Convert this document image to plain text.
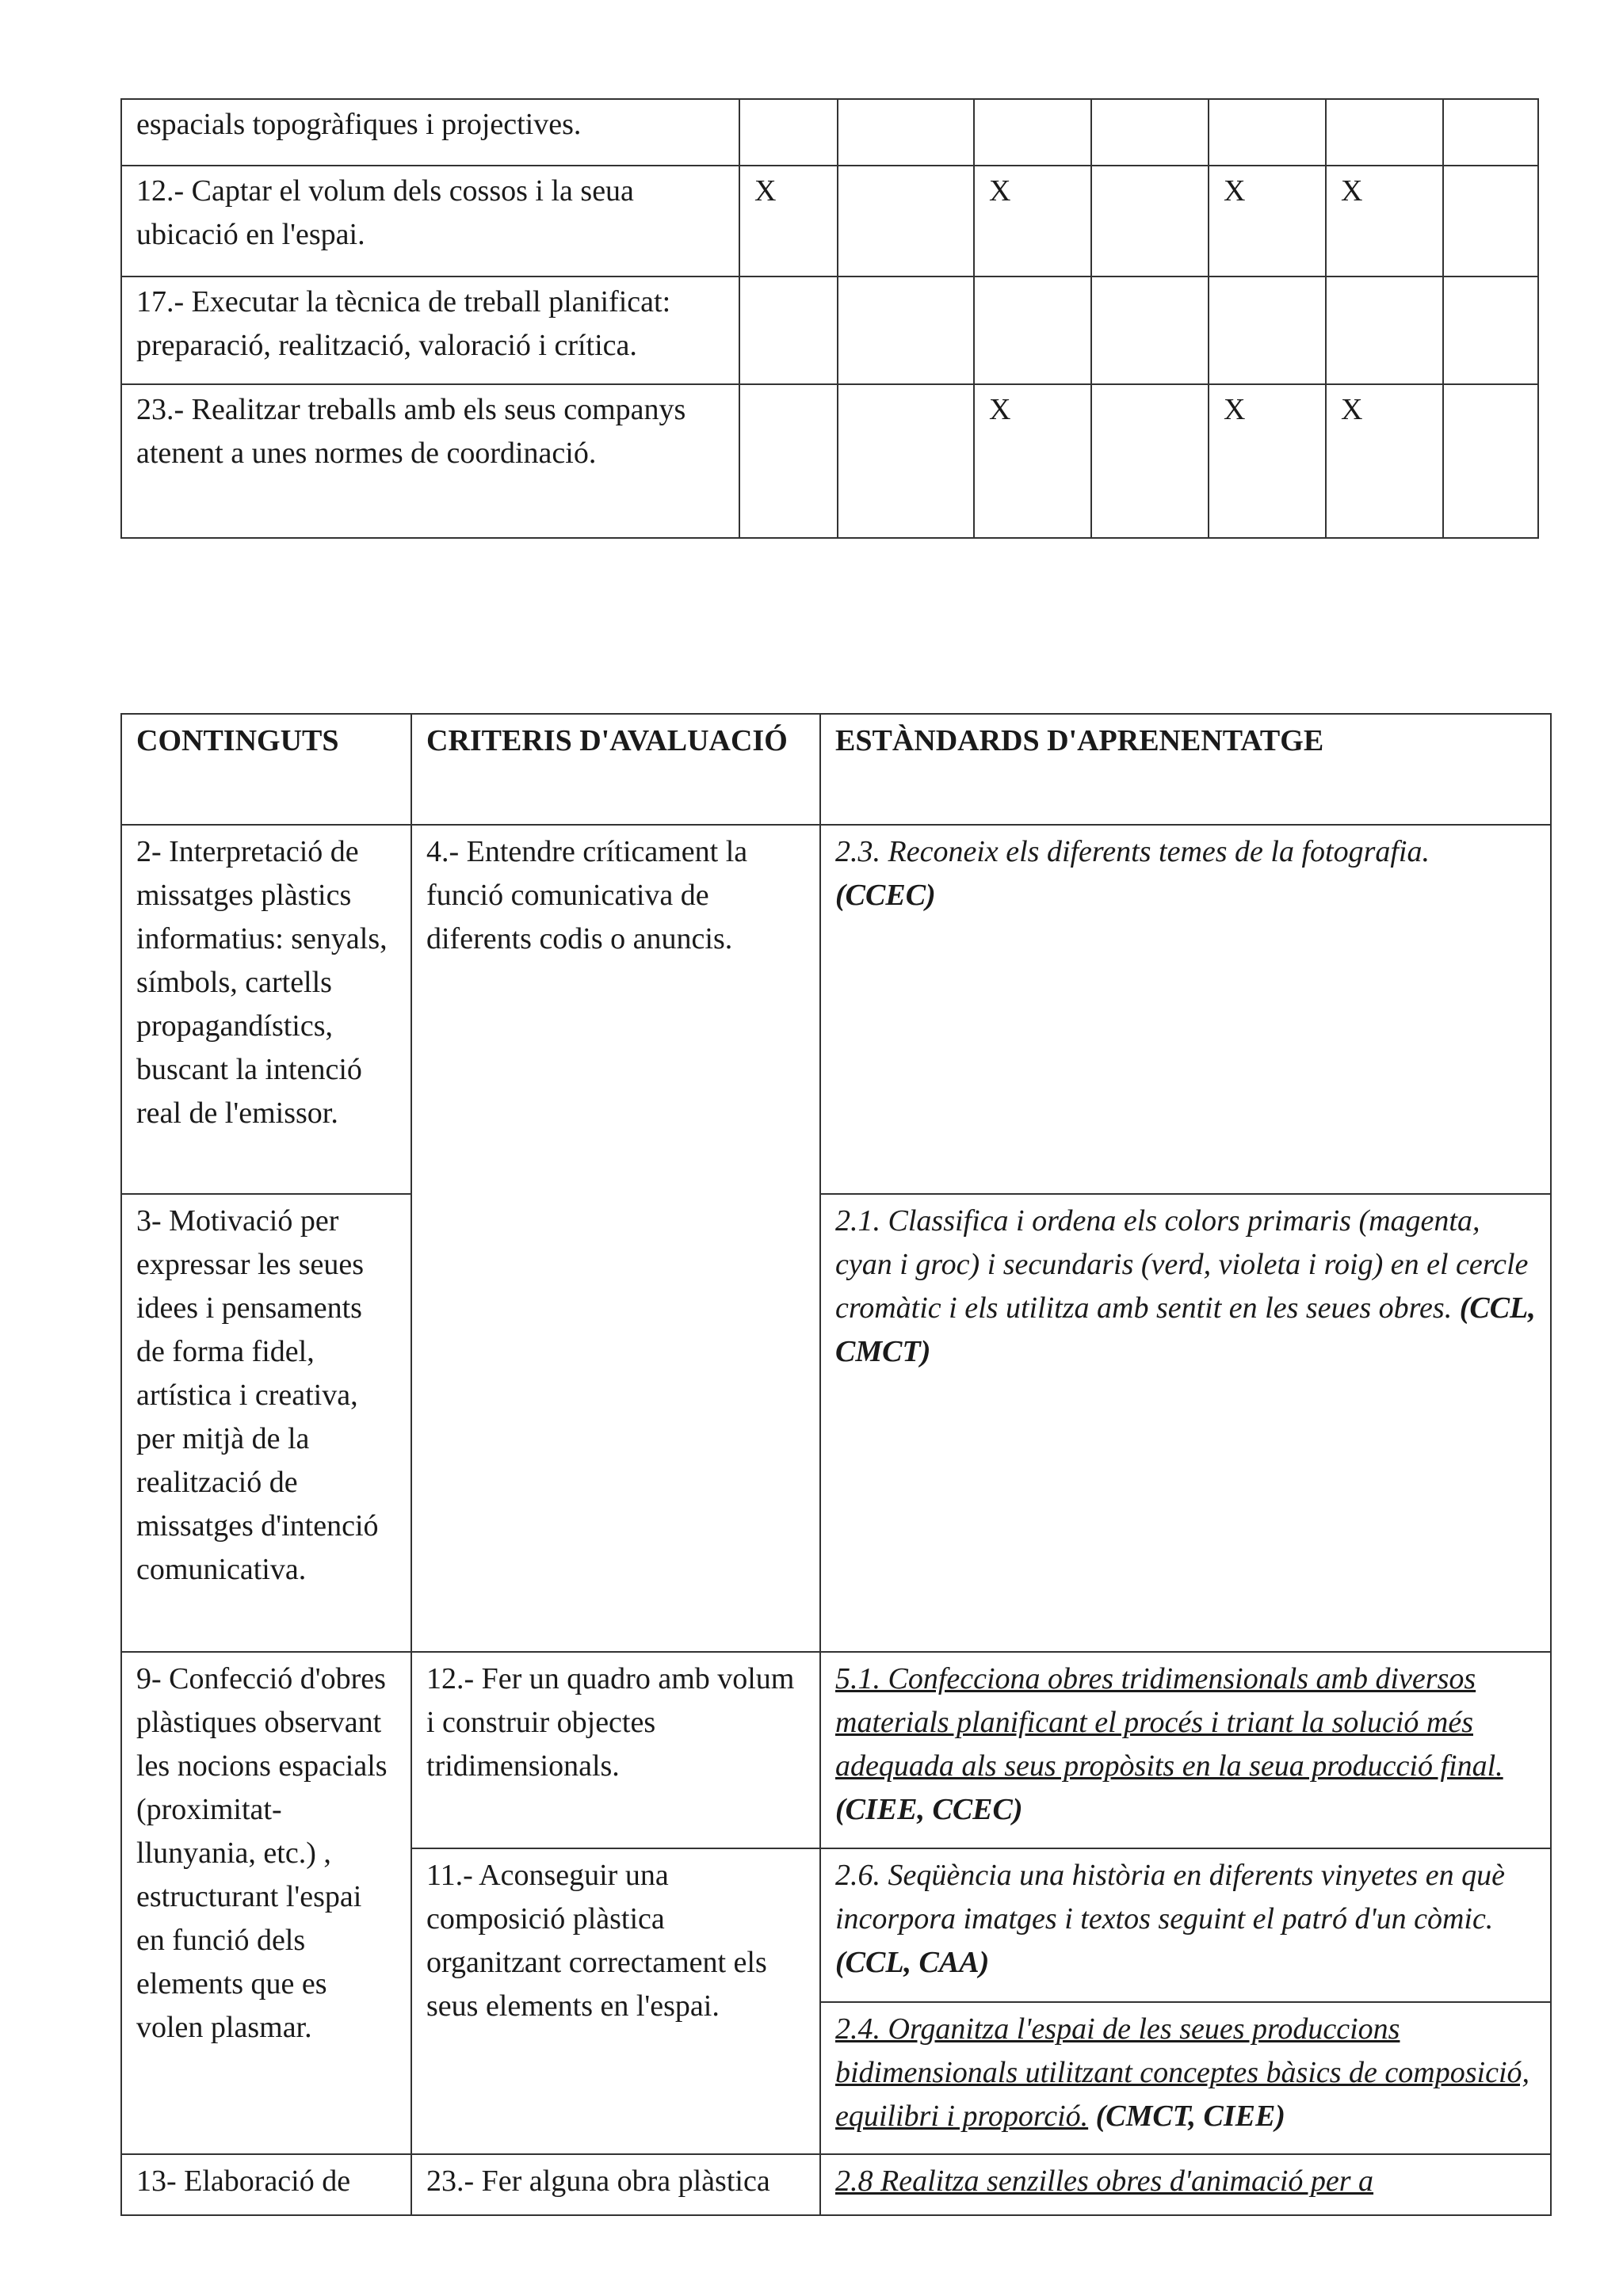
espacials topogràfiques i projectives.							
12.- Captar el volum dels cossos i la seua ubicació en l'espai.	X		X		X	X	
17.- Executar la tècnica de treball planificat: preparació, realització, valoració i crítica.							
23.- Realitzar treballs amb els seus companys atenent a unes normes de coordinació.			X		X	X	
CONTINGUTS	CRITERIS D'AVALUACIÓ	ESTÀNDARDS D'APRENENTATGE
2- Interpretació de missatges plàstics informatius: senyals, símbols, cartells propagandístics, buscant la intenció real de l'emissor.	4.- Entendre críticament la funció comunicativa de diferents codis o anuncis.	2.3. Reconeix els diferents temes de la fotografia. (CCEC)
3- Motivació per expressar les seues idees i pensaments de forma fidel, artística i creativa, per mitjà de la realització de missatges d'intenció comunicativa.		2.1. Classifica i ordena els colors primaris (magenta, cyan i groc) i secundaris (verd, violeta i roig) en el cercle cromàtic i els utilitza amb sentit en les seues obres. (CCL, CMCT)
9- Confecció d'obres plàstiques observant les nocions espacials (proximitat-llunyania, etc.) , estructurant l'espai en funció dels elements que es volen plasmar.	12.- Fer un quadro amb volum i construir objectes tridimensionals.	5.1. Confecciona obres tridimensionals amb diversos materials planificant el procés i triant la solució més adequada als seus propòsits en la seua producció final. (CIEE, CCEC)
	11.- Aconseguir una composició plàstica organitzant correctament els seus elements en l'espai.	2.6. Seqüència una història en diferents vinyetes en què incorpora imatges i textos seguint el patró d'un còmic. (CCL, CAA)
		2.4. Organitza l'espai de les seues produccions bidimensionals utilitzant conceptes bàsics de composició, equilibri i proporció. (CMCT, CIEE)
13- Elaboració de	23.- Fer alguna obra plàstica	2.8 Realitza senzilles obres d'animació per a
